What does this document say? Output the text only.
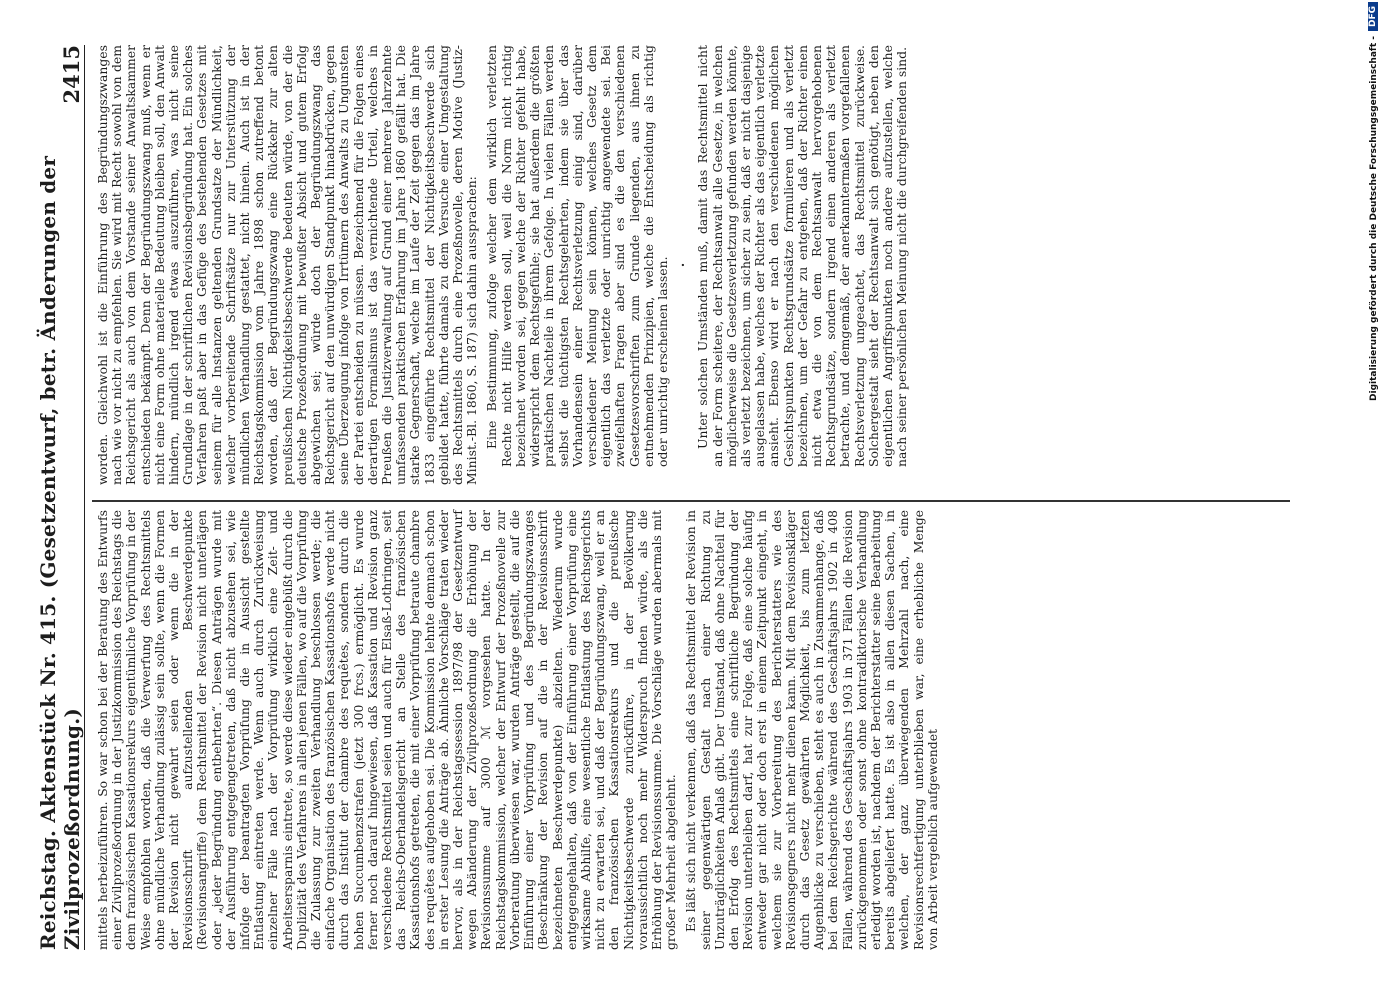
Reichstag. Aktenstück Nr. 415. (Gesetzentwurf, betr. Änderungen der Zivilprozeßordnung.)
2415

mittels herbeizuführen. So war schon bei der Beratung des Entwurfs einer Zivilprozeßordnung in der Justizkommission des Reichstags die dem französischen Kassationsrekurs eigentümliche Vorprüfung in der Weise empfohlen worden, daß die Verwerfung des Rechtsmittels ohne mündliche Verhandlung zulässig sein sollte, wenn die Formen der Revision nicht gewahrt seien oder wenn die in der Revisionsschrift aufzustellenden Beschwerdepunkte (Revisionsangriffe) dem Rechtsmittel der Revision nicht unterlägen oder „jeder Begründung entbehrten“. Diesen Anträgen wurde mit der Ausführung entgegengetreten, daß nicht abzusehen sei, wie infolge der beantragten Vorprüfung die in Aussicht gestellte Entlastung eintreten werde. Wenn auch durch Zurückweisung einzelner Fälle nach der Vorprüfung wirklich eine Zeit- und Arbeitsersparnis eintrete, so werde diese wieder eingebüßt durch die Duplizität des Verfahrens in allen jenen Fällen, wo auf die Vorprüfung die Zulassung zur zweiten Verhandlung beschlossen werde; die einfache Organisation des französischen Kassationshofs werde nicht durch das Institut der chambre des requêtes, sondern durch die hohen Succumbenzstrafen (jetzt 300 frcs.) ermöglicht. Es wurde ferner noch darauf hingewiesen, daß Kassation und Revision ganz verschiedene Rechtsmittel seien und auch für Elsaß-Lothringen, seit das Reichs-Oberhandelsgericht an Stelle des französischen Kassationshofs getreten, die mit einer Vorprüfung betraute chambre des requêtes aufgehoben sei. Die Kommission lehnte demnach schon in erster Lesung die Anträge ab. Ähnliche Vorschläge traten wieder hervor, als in der Reichstagssession 1897/98 der Gesetzentwurf wegen Abänderung der Zivilprozeßordnung die Erhöhung der Revisionssumme auf 3000 ℳ vorgesehen hatte. In der Reichstagskommission, welcher der Entwurf der Prozeßnovelle zur Vorberatung überwiesen war, wurden Anträge gestellt, die auf die Einführung einer Vorprüfung und des Begründungszwanges (Beschränkung der Revision auf die in der Revisionsschrift bezeichneten Beschwerdepunkte) abzielten. Wiederum wurde entgegengehalten, daß von der Einführung einer Vorprüfung eine wirksame Abhilfe, eine wesentliche Entlastung des Reichsgerichts nicht zu erwarten sei, und daß der Begründungszwang, weil er an den französischen Kassationsrekurs und die preußische Nichtigkeitsbeschwerde zurückführe, in der Bevölkerung voraussichtlich noch mehr Widerspruch finden würde, als die Erhöhung der Revisionssumme. Die Vorschläge wurden abermals mit großer Mehrheit abgelehnt. Es läßt sich nicht verkennen, daß das Rechtsmittel der Revision in seiner gegenwärtigen Gestalt nach einer Richtung zu Unzuträglichkeiten Anlaß gibt. Der Umstand, daß ohne Nachteil für den Erfolg des Rechtsmittels eine schriftliche Begründung der Revision unterbleiben darf, hat zur Folge, daß eine solche häufig entweder gar nicht oder doch erst in einem Zeitpunkt eingeht, in welchem sie zur Vorbereitung des Berichterstatters wie des Revisionsgegners nicht mehr dienen kann. Mit dem Revisionskläger durch das Gesetz gewährten Möglichkeit, bis zum letzten Augenblicke zu verschieben, steht es auch in Zusammenhange, daß bei dem Reichsgerichte während des Geschäftsjahrs 1902 in 408 Fällen, während des Geschäftsjahrs 1903 in 371 Fällen die Revision zurückgenommen oder sonst ohne kontradiktorische Verhandlung erledigt worden ist, nachdem der Berichterstatter seine Bearbeitung bereits abgeliefert hatte. Es ist also in allen diesen Sachen, in welchen, der ganz überwiegenden Mehrzahl nach, eine Revisionsrechtfertigung unterblieben war, eine erhebliche Menge von Arbeit vergeblich aufgewendet

worden. Gleichwohl ist die Einführung des Begründungszwanges nach wie vor nicht zu empfehlen. Sie wird mit Recht sowohl von dem Reichsgericht als auch von dem Vorstande seiner Anwaltskammer entschieden bekämpft. Denn der Begründungszwang muß, wenn er nicht eine Form ohne materielle Bedeutung bleiben soll, den Anwalt hindern, mündlich irgend etwas auszuführen, was nicht seine Grundlage in der schriftlichen Revisionsbegründung hat. Ein solches Verfahren paßt aber in das Gefüge des bestehenden Gesetzes mit seinem für alle Instanzen geltenden Grundsatze der Mündlichkeit, welcher vorbereitende Schriftsätze nur zur Unterstützung der mündlichen Verhandlung gestattet, nicht hinein. Auch ist in der Reichstagskommission vom Jahre 1898 schon zutreffend betont worden, daß der Begründungszwang eine Rückkehr zur alten preußischen Nichtigkeitsbeschwerde bedeuten würde, von der die deutsche Prozeßordnung mit bewußter Absicht und gutem Erfolg abgewichen sei; würde doch der Begründungszwang das Reichsgericht auf den unwürdigen Standpunkt hinabdrücken, gegen seine Überzeugung infolge von Irrtümern des Anwalts zu Ungunsten der Partei entscheiden zu müssen. Bezeichnend für die Folgen eines derartigen Formalismus ist das vernichtende Urteil, welches in Preußen die Justizverwaltung auf Grund einer mehrere Jahrzehnte umfassenden praktischen Erfahrung im Jahre 1860 gefällt hat. Die starke Gegnerschaft, welche im Laufe der Zeit gegen das im Jahre 1833 eingeführte Rechtsmittel der Nichtigkeitsbeschwerde sich gebildet hatte, führte damals zu dem Versuche einer Umgestaltung des Rechtsmittels durch eine Prozeßnovelle, deren Motive (Justiz-Minist.-Bl. 1860, S. 187) sich dahin aussprachen: Eine Bestimmung, zufolge welcher dem wirklich verletzten Rechte nicht Hilfe werden soll, weil die Norm nicht richtig bezeichnet worden sei, gegen welche der Richter gefehlt habe, widerspricht dem Rechtsgefühle; sie hat außerdem die größten praktischen Nachteile in ihrem Gefolge. In vielen Fällen werden selbst die tüchtigsten Rechtsgelehrten, indem sie über das Vorhandensein einer Rechtsverletzung einig sind, darüber verschiedener Meinung sein können, welches Gesetz dem eigentlich das verletzte oder unrichtig angewendete sei. Bei zweifelhaften Fragen aber sind es die den verschiedenen Gesetzesvorschriften zum Grunde liegenden, aus ihnen zu entnehmenden Prinzipien, welche die Entscheidung als richtig oder unrichtig erscheinen lassen. · Unter solchen Umständen muß, damit das Rechtsmittel nicht an der Form scheitere, der Rechtsanwalt alle Gesetze, in welchen möglicherweise die Gesetzesverletzung gefunden werden könnte, als verletzt bezeichnen, um sicher zu sein, daß er nicht dasjenige ausgelassen habe, welches der Richter als das eigentlich verletzte ansieht. Ebenso wird er nach den verschiedenen möglichen Gesichtspunkten Rechtsgrundsätze formulieren und als verletzt bezeichnen, um der Gefahr zu entgehen, daß der Richter einen nicht etwa die von dem Rechtsanwalt hervorgehobenen Rechtsgrundsätze, sondern irgend einen anderen als verletzt betrachte, und demgemäß, der anerkanntermaßen vorgefallenen Rechtsverletzung ungeachtet, das Rechtsmittel zurückweise. Solchergestalt sieht der Rechtsanwalt sich genötigt, neben den eigentlichen Angriffspunkten noch andere aufzustellen, welche nach seiner persönlichen Meinung nicht die durchgreifenden sind.	Digitalisierung gefördert durch die Deutsche Forschungsgemeinschaft -
DFG
